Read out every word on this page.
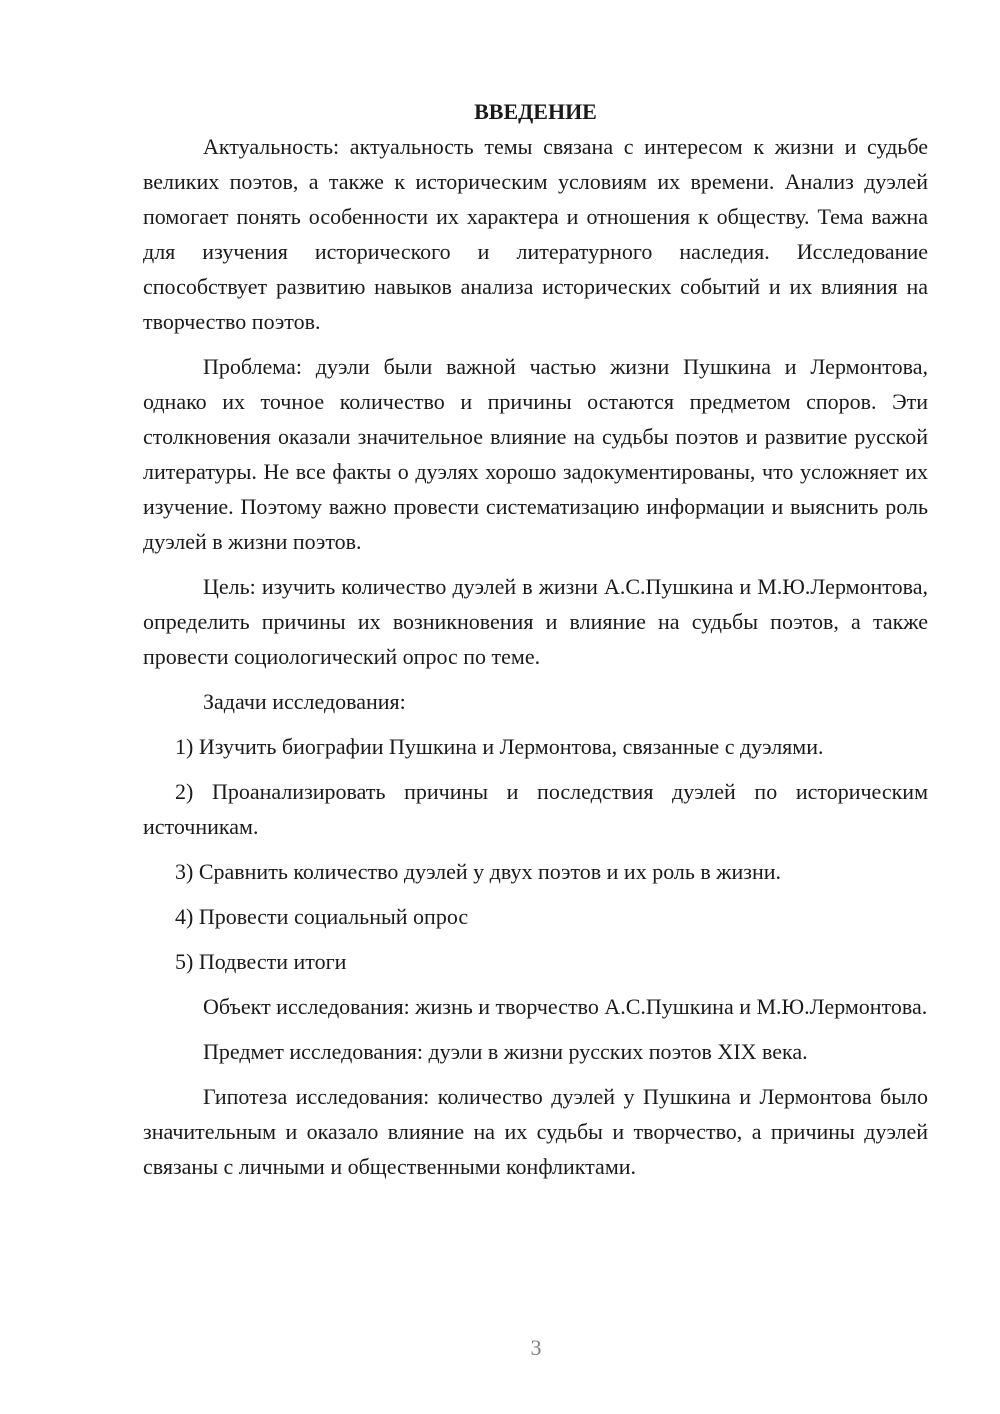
ВВЕДЕНИЕ

Актуальность: актуальность темы связана с интересом к жизни и судьбе великих поэтов, а также к историческим условиям их времени. Анализ дуэлей помогает понять особенности их характера и отношения к обществу. Тема важна для изучения исторического и литературного наследия. Исследование способствует развитию навыков анализа исторических событий и их влияния на творчество поэтов.

Проблема: дуэли были важной частью жизни Пушкина и Лермонтова, однако их точное количество и причины остаются предметом споров. Эти столкновения оказали значительное влияние на судьбы поэтов и развитие русской литературы. Не все факты о дуэлях хорошо задокументированы, что усложняет их изучение. Поэтому важно провести систематизацию информации и выяснить роль дуэлей в жизни поэтов.

Цель: изучить количество дуэлей в жизни А.С.Пушкина и М.Ю.Лермонтова, определить причины их возникновения и влияние на судьбы поэтов, а также провести социологический опрос по теме.

Задачи исследования:

1) Изучить биографии Пушкина и Лермонтова, связанные с дуэлями.

2) Проанализировать причины и последствия дуэлей по историческим источникам.

3) Сравнить количество дуэлей у двух поэтов и их роль в жизни.

4) Провести социальный опрос

5) Подвести итоги

Объект исследования: жизнь и творчество А.С.Пушкина и М.Ю.Лермонтова.

Предмет исследования: дуэли в жизни русских поэтов XIX века.

Гипотеза исследования: количество дуэлей у Пушкина и Лермонтова было значительным и оказало влияние на их судьбы и творчество, а причины дуэлей связаны с личными и общественными конфликтами.

3
